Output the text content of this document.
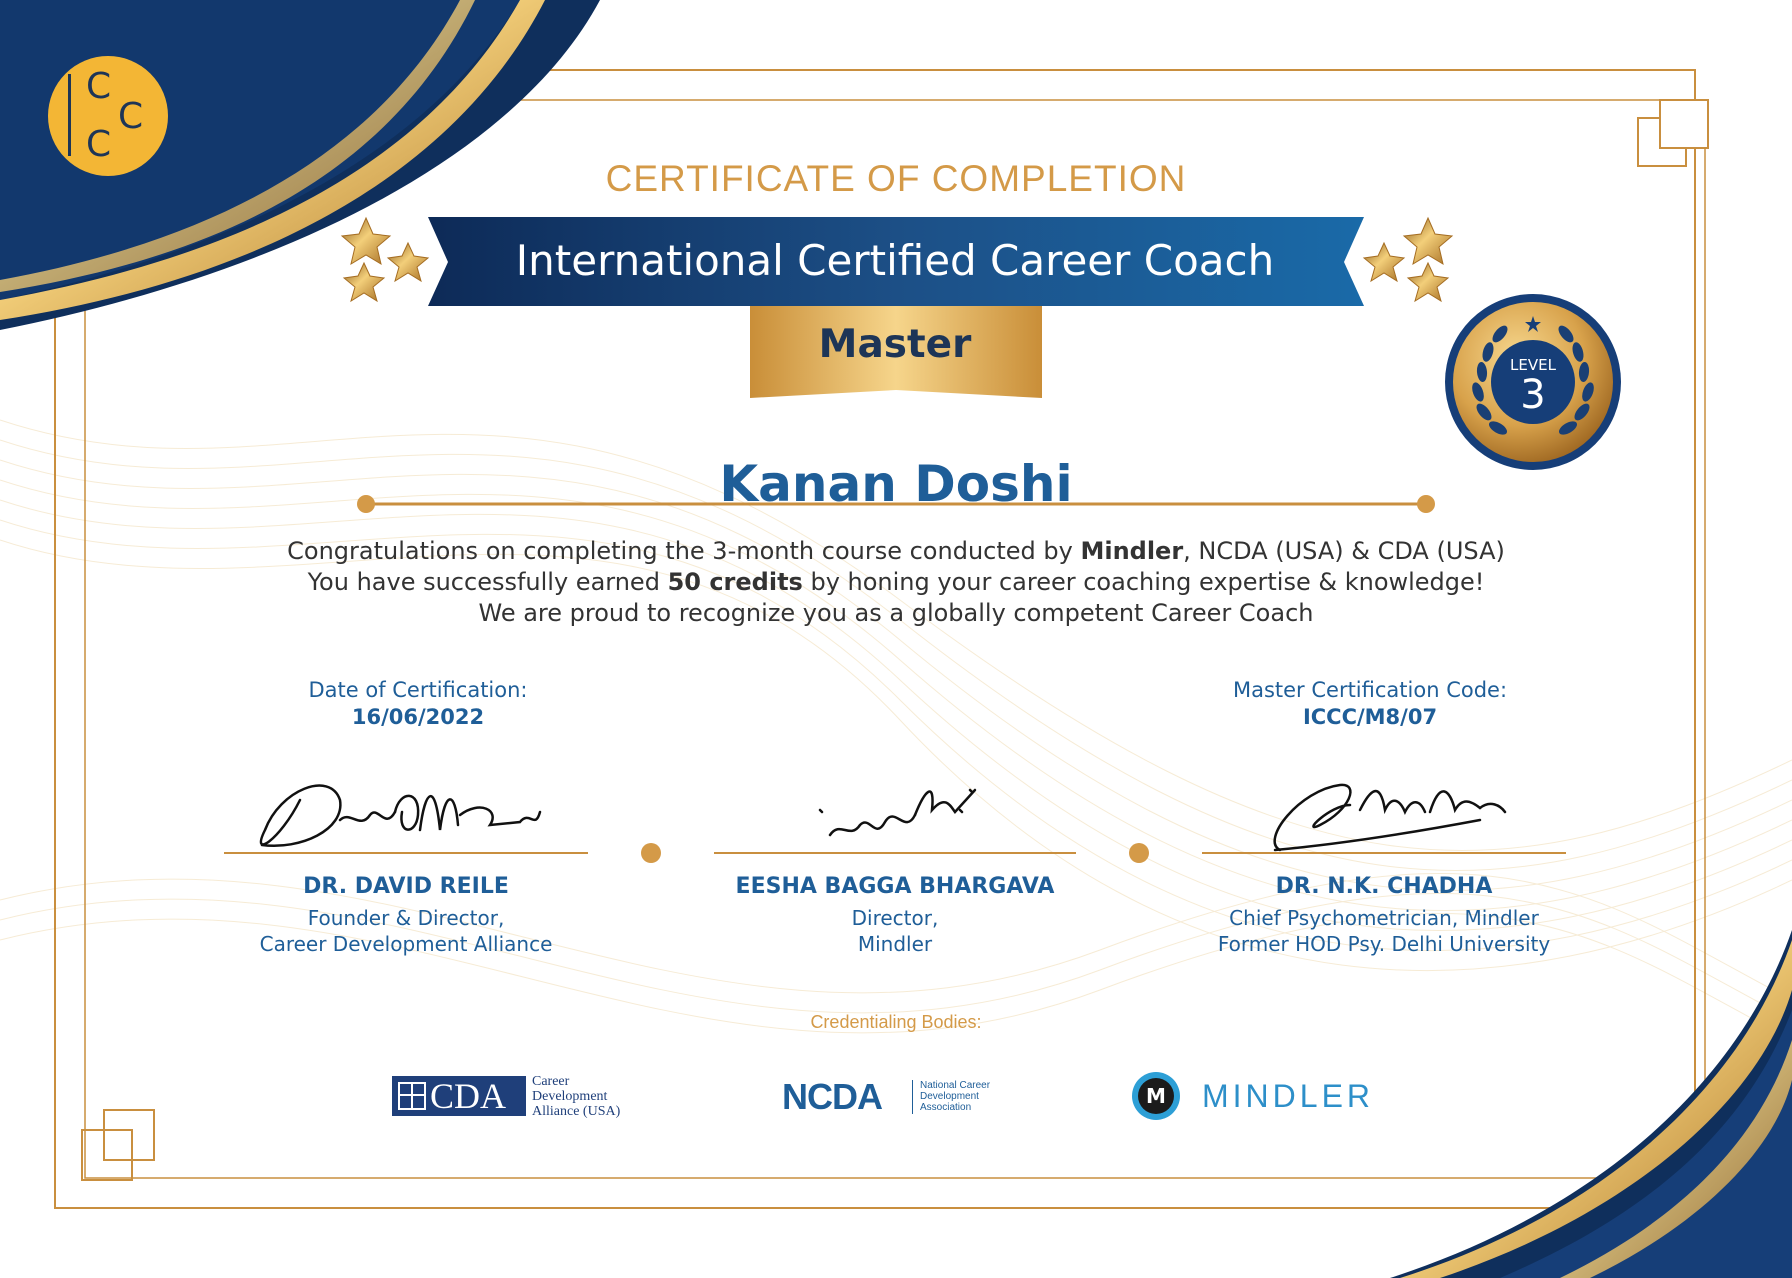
C
C
C
CERTIFICATE OF COMPLETION
International Certified Career Coach
Master	LEVEL
3
Kanan Doshi
Congratulations on completing the 3-month course conducted by Mindler, NCDA (USA) & CDA (USA)
You have successfully earned 50 credits by honing your career coaching expertise & knowledge!
We are proud to recognize you as a globally competent Career Coach
Date of Certification:
16/06/2022
Master Certification Code:
ICCC/M8/07
DR. DAVID REILE
Founder & Director,
Career Development Alliance
EESHA BAGGA BHARGAVA
Director,
Mindler
DR. N.K. CHADHA
Chief Psychometrician, Mindler
Former HOD Psy. Delhi University
Credentialing Bodies:
CDA Career
Development
Alliance (USA)	NCDA	National Career
Development
Association	M MINDLER
